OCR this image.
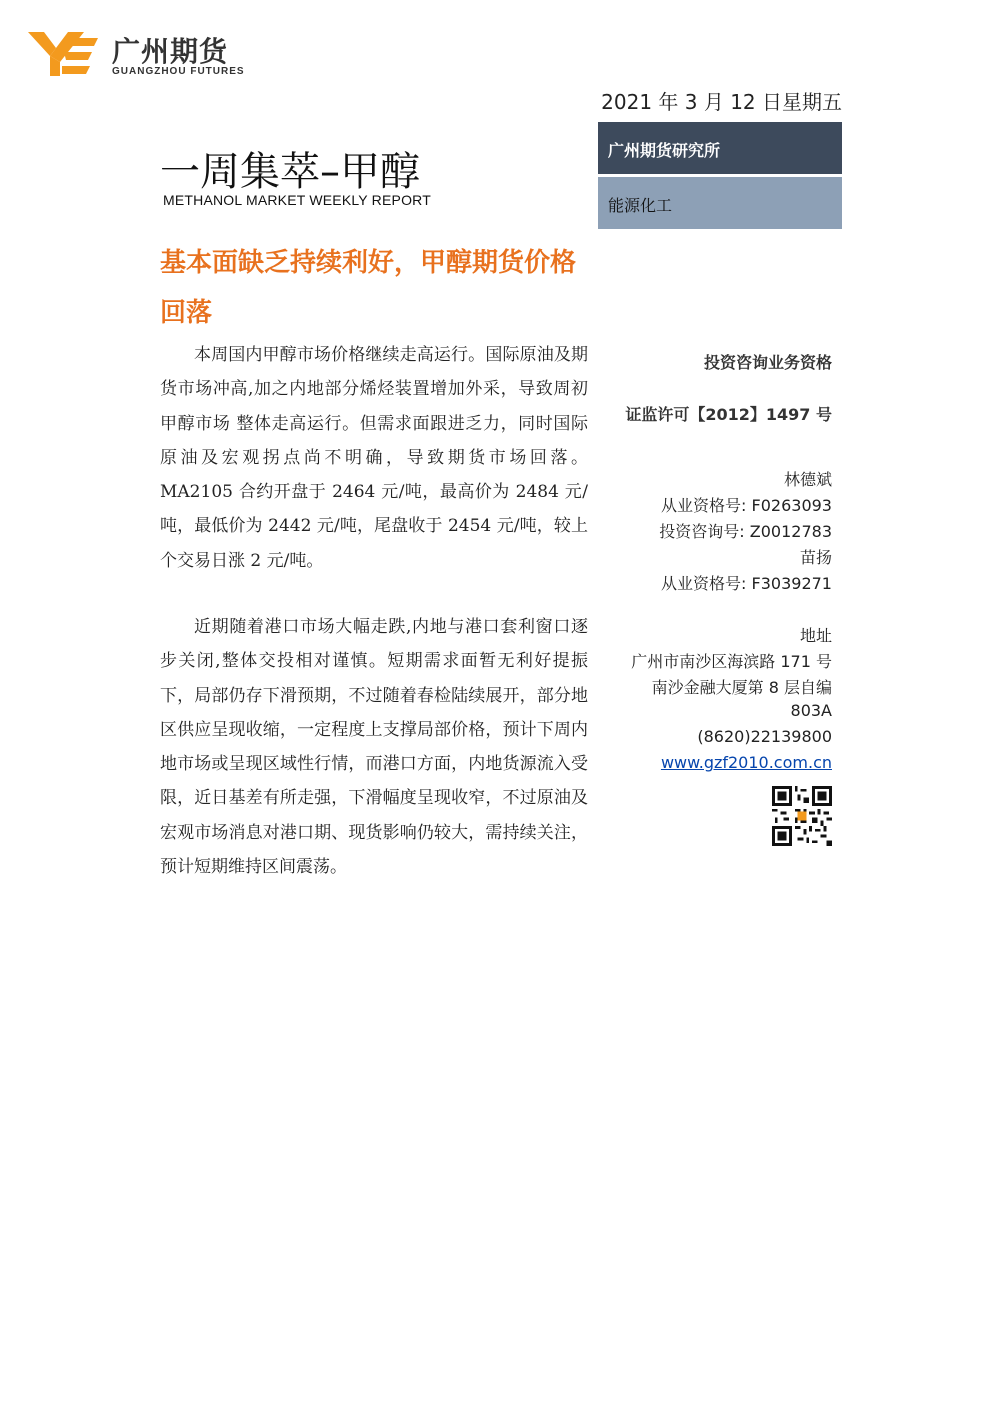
广州期货
GUANGZHOU FUTURES
2021 年 3 月 12 日星期五
一周集萃–甲醇
METHANOL MARKET WEEKLY REPORT
广州期货研究所
能源化工
基本面缺乏持续利好，甲醇期货价格回落
本周国内甲醇市场价格继续走高运行。国际原油及期货市场冲高,加之内地部分烯烃装置增加外采，导致周初甲醇市场 整体走高运行。但需求面跟进乏力，同时国际原油及宏观拐点尚不明确，导致期货市场回落。MA2105 合约开盘于 2464 元/吨，最高价为 2484 元/吨，最低价为 2442 元/吨，尾盘收于 2454 元/吨，较上个交易日涨 2 元/吨。
近期随着港口市场大幅走跌,内地与港口套利窗口逐步关闭,整体交投相对谨慎。短期需求面暂无利好提振下，局部仍存下滑预期，不过随着春检陆续展开，部分地区供应呈现收缩，一定程度上支撑局部价格，预计下周内地市场或呈现区域性行情，而港口方面，内地货源流入受限，近日基差有所走强，下滑幅度呈现收窄，不过原油及宏观市场消息对港口期、现货影响仍较大，需持续关注，预计短期维持区间震荡。
投资咨询业务资格
证监许可【2012】1497 号
林德斌
从业资格号: F0263093
投资咨询号: Z0012783
苗扬
从业资格号: F3039271
地址
广州市南沙区海滨路 171 号
南沙金融大厦第 8 层自编
803A
(8620)22139800
www.gzf2010.com.cn
